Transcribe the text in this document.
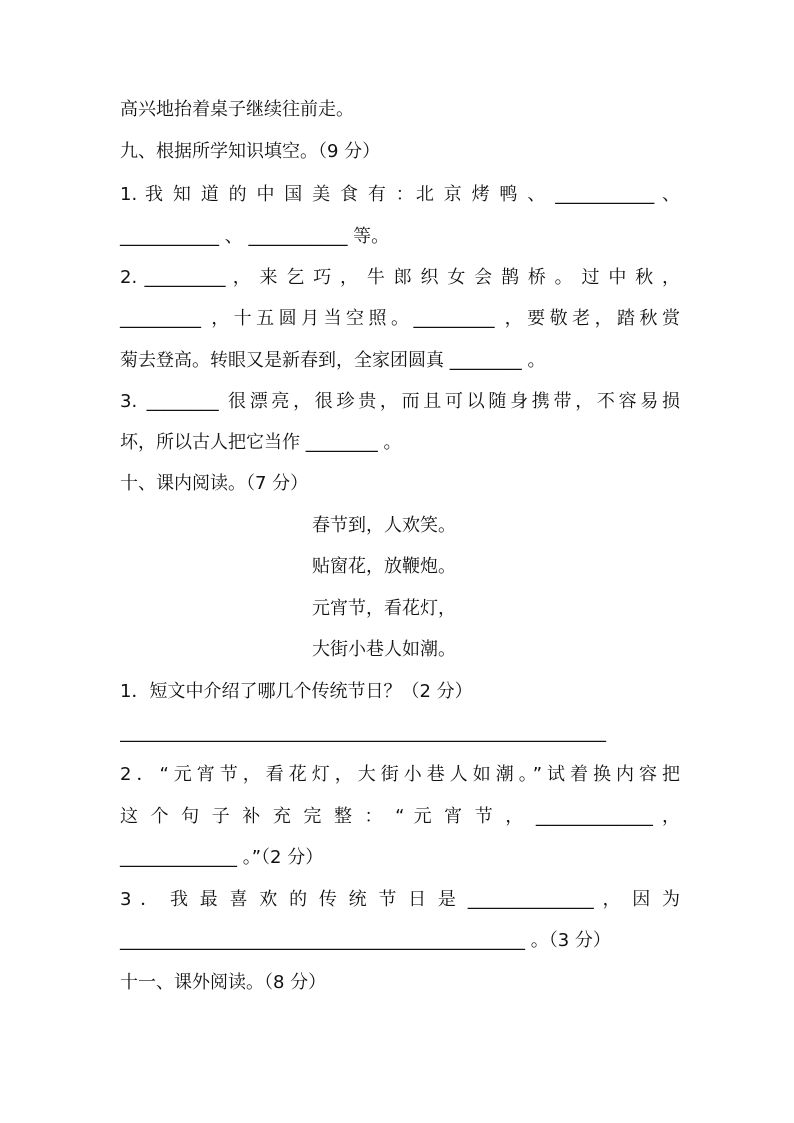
高兴地抬着桌子继续往前走。
九、根据所学知识填空。（9 分）
1. 我 知 道 的 中 国 美 食 有 ：北 京 烤 鸭 、 ___________ 、
___________ 、 ___________ 等。
2. _________ ， 来 乞 巧 ， 牛 郎 织 女 会 鹊 桥 。 过 中 秋 ，
_________ ，十五圆月当空照。_________ ，要敬老，踏秋赏
菊去登高。转眼又是新春到，全家团圆真 ________ 。
3. ________ 很漂亮，很珍贵，而且可以随身携带，不容易损
坏，所以古人把它当作 ________ 。
十、课内阅读。（7 分）
春节到，人欢笑。
贴窗花，放鞭炮。
元宵节，看花灯，
大街小巷人如潮。
1．短文中介绍了哪几个传统节日？（2 分）
______________________________________________________
2．“元宵节，看花灯，大街小巷人如潮。”试着换内容把
这 个 句 子 补 充 完 整 ： “ 元 宵 节 ， _____________ ，
_____________ 。”（2 分）
3 ． 我 最 喜 欢 的 传 统 节 日 是 ______________ ， 因 为
_____________________________________________ 。（3 分）
十一、课外阅读。（8 分）
